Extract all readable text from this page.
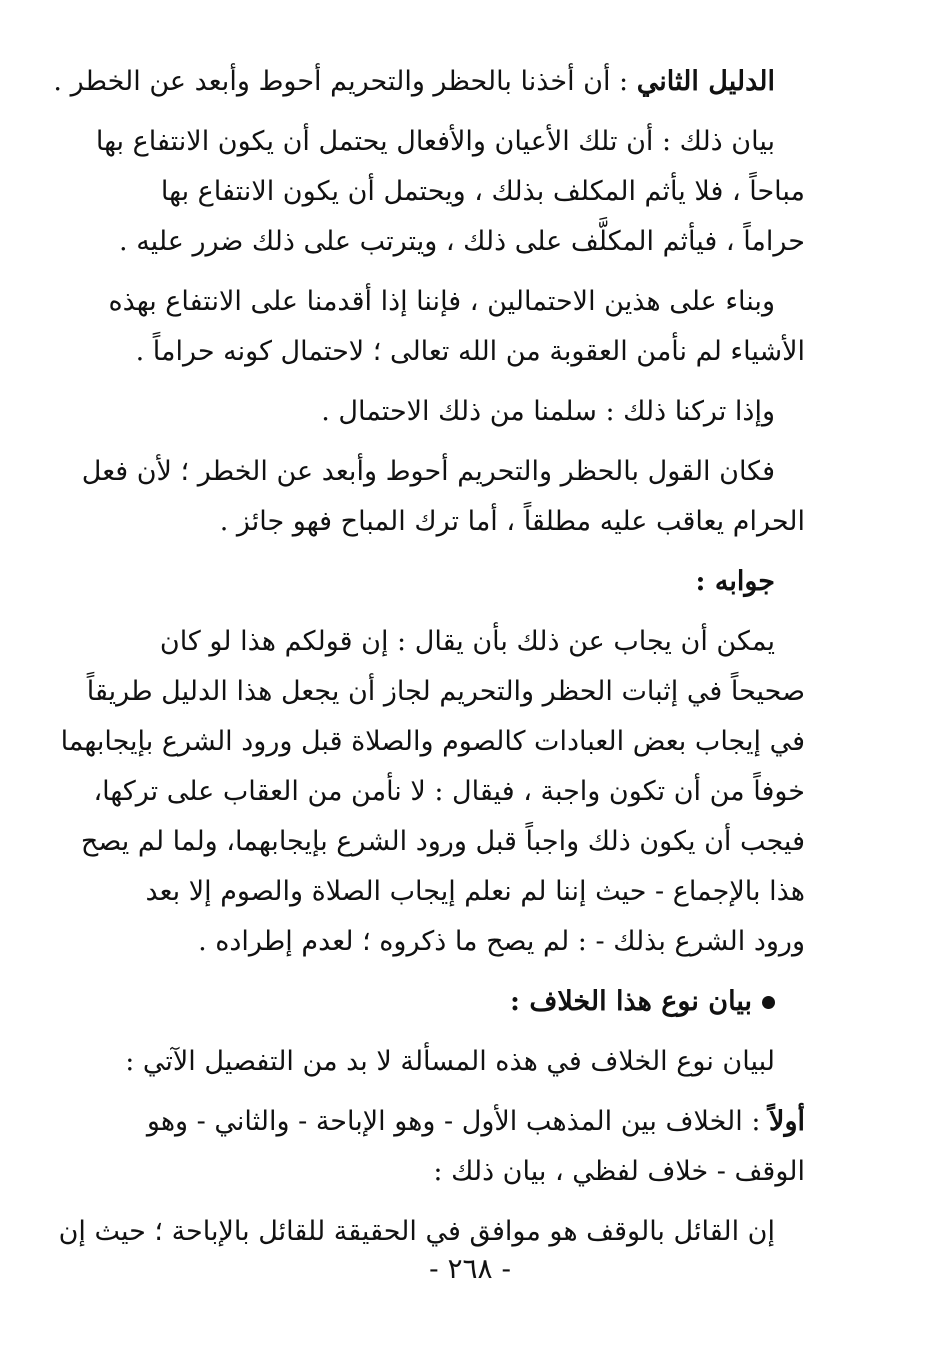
الدليل الثاني : أن أخذنا بالحظر والتحريم أحوط وأبعد عن الخطر .

بيان ذلك : أن تلك الأعيان والأفعال يحتمل أن يكون الانتفاع بها
مباحاً ، فلا يأثم المكلف بذلك ، ويحتمل أن يكون الانتفاع بها
حراماً ، فيأثم المكلَّف على ذلك ، ويترتب على ذلك ضرر عليه .

وبناء على هذين الاحتمالين ، فإننا إذا أقدمنا على الانتفاع بهذه
الأشياء لم نأمن العقوبة من الله تعالى ؛ لاحتمال كونه حراماً .

وإذا تركنا ذلك : سلمنا من ذلك الاحتمال .

فكان القول بالحظر والتحريم أحوط وأبعد عن الخطر ؛ لأن فعل
الحرام يعاقب عليه مطلقاً ، أما ترك المباح فهو جائز .

جوابه :

يمكن أن يجاب عن ذلك بأن يقال : إن قولكم هذا لو كان
صحيحاً في إثبات الحظر والتحريم لجاز أن يجعل هذا الدليل طريقاً
في إيجاب بعض العبادات كالصوم والصلاة قبل ورود الشرع بإيجابهما
خوفاً من أن تكون واجبة ، فيقال : لا نأمن من العقاب على تركها،
فيجب أن يكون ذلك واجباً قبل ورود الشرع بإيجابهما، ولما لم يصح
هذا بالإجماع - حيث إننا لم نعلم إيجاب الصلاة والصوم إلا بعد
ورود الشرع بذلك - : لم يصح ما ذكروه ؛ لعدم إطراده .

بيان نوع هذا الخلاف :

لبيان نوع الخلاف في هذه المسألة لا بد من التفصيل الآتي :

أولاً : الخلاف بين المذهب الأول - وهو الإباحة - والثاني - وهو
الوقف - خلاف لفظي ، بيان ذلك :

إن القائل بالوقف هو موافق في الحقيقة للقائل بالإباحة ؛ حيث إن

- ٢٦٨ -
